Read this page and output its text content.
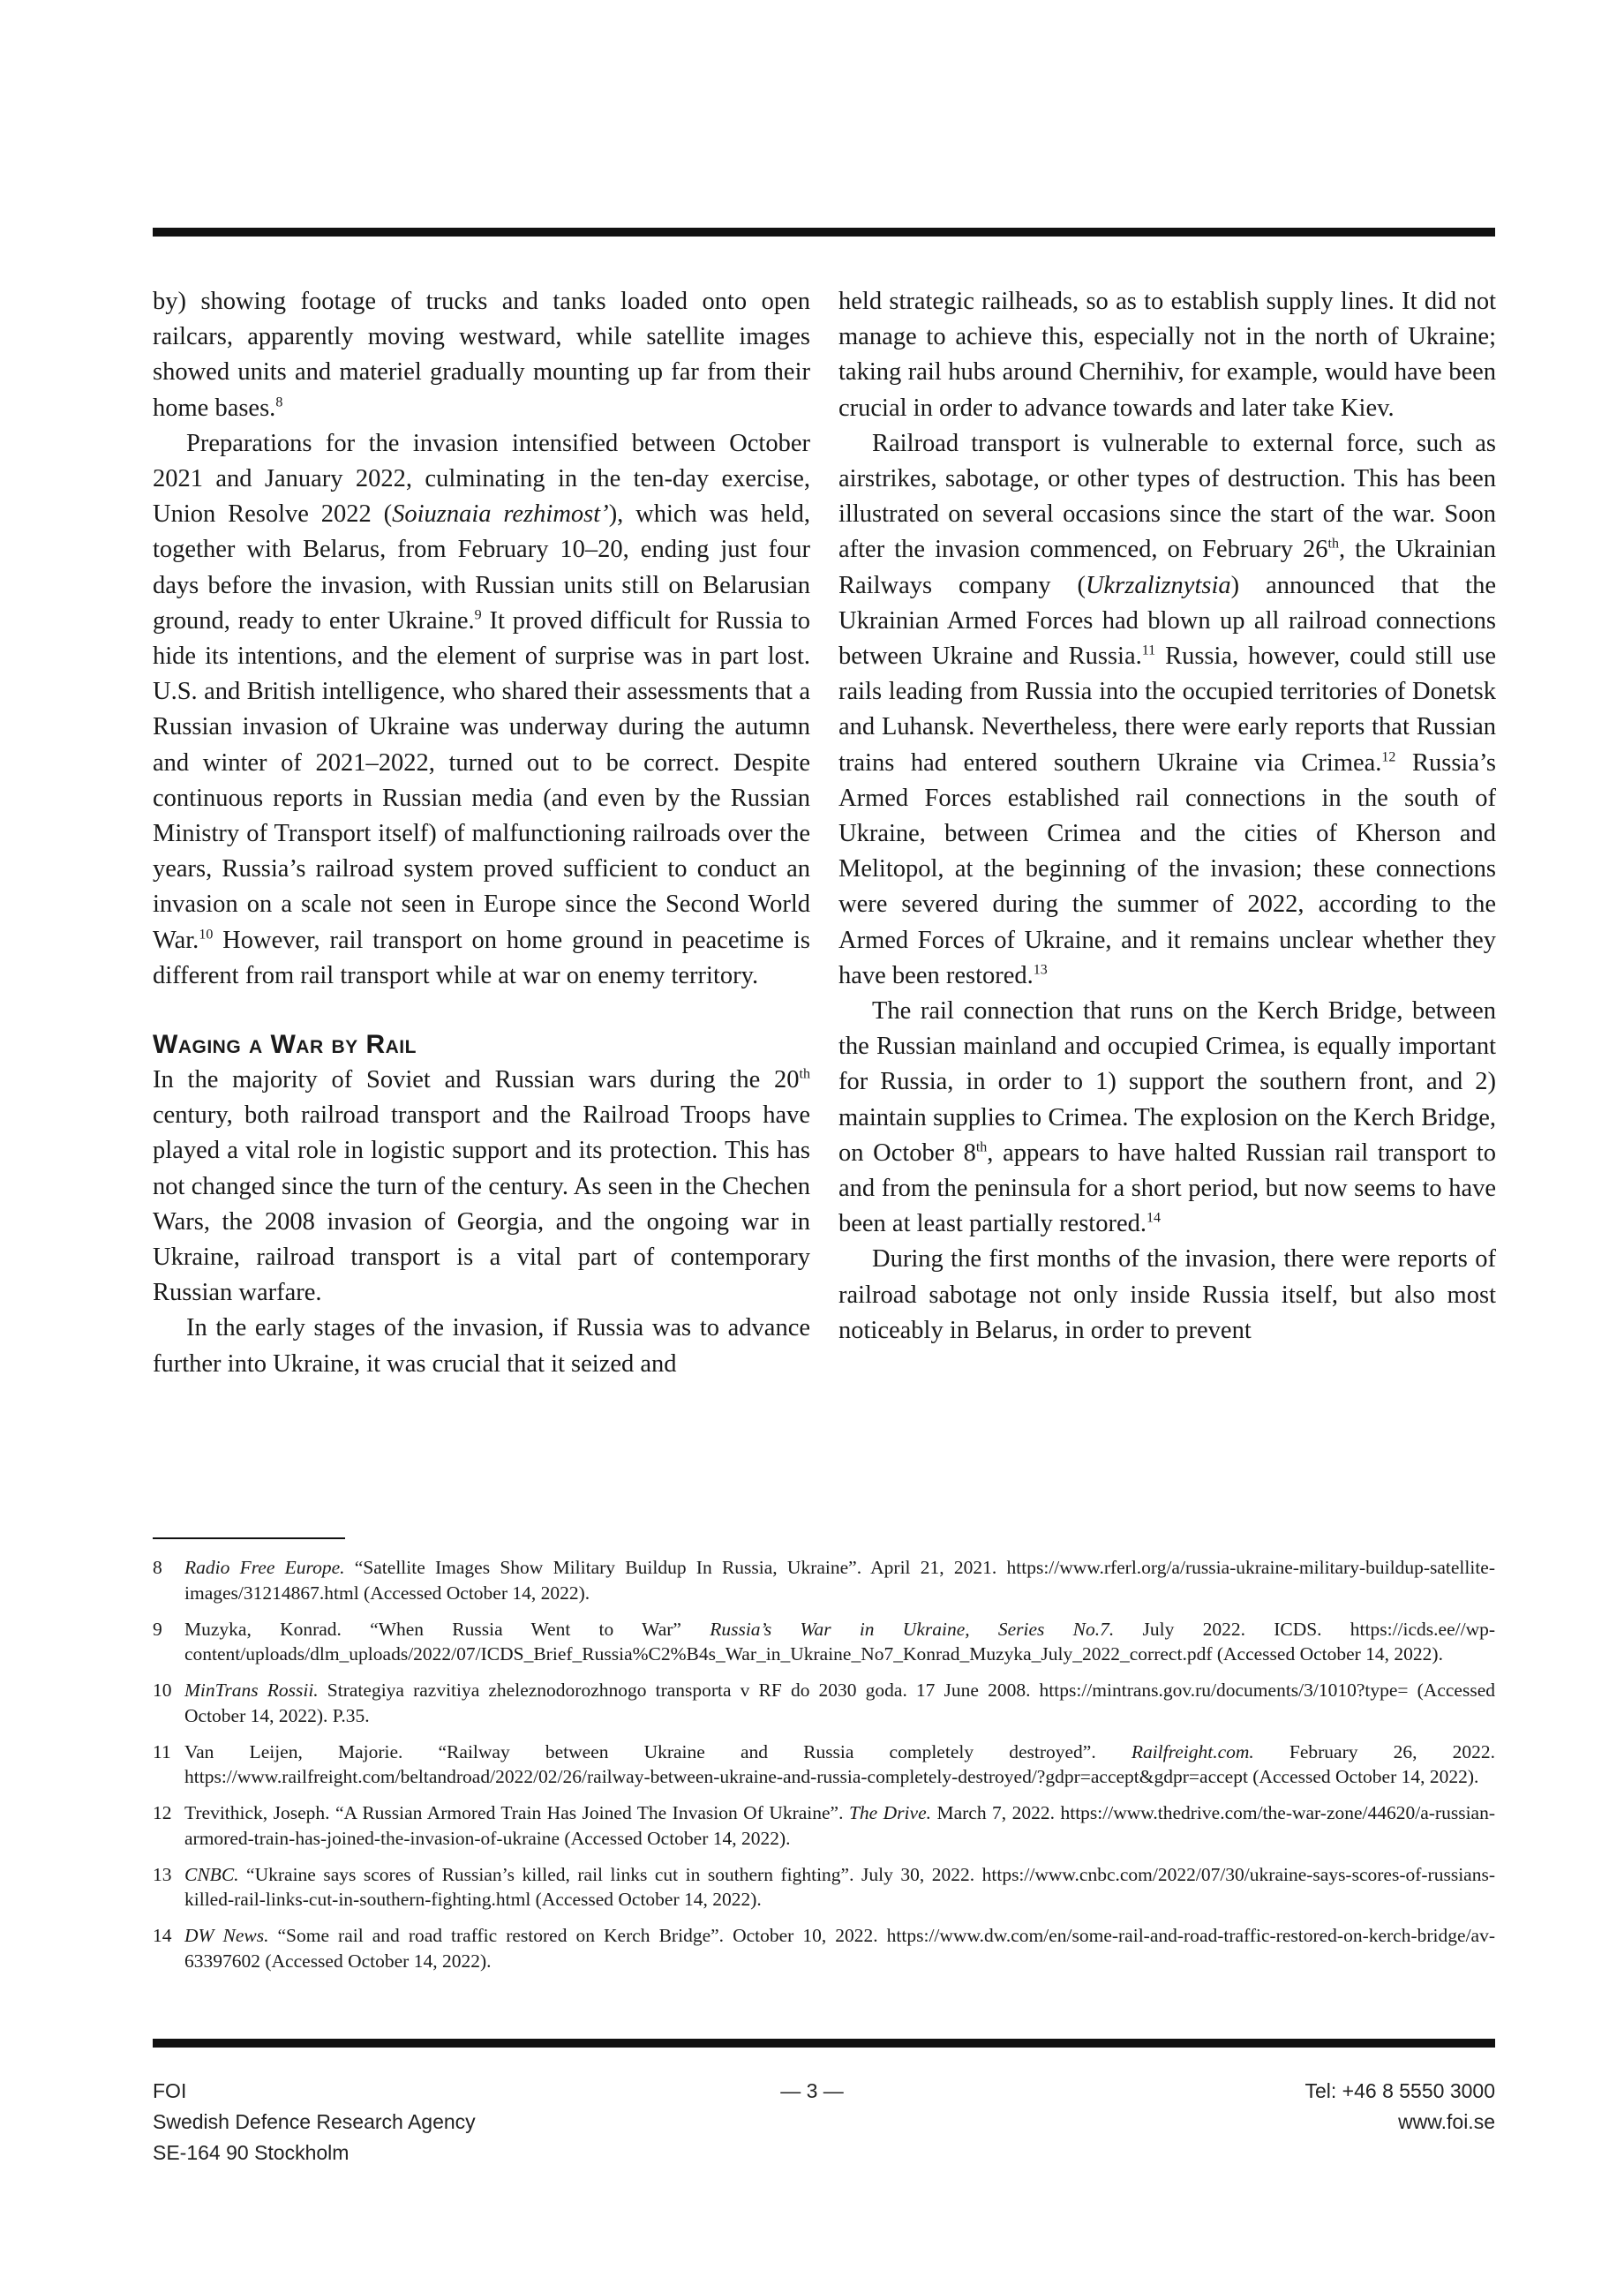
by) showing footage of trucks and tanks loaded onto open railcars, apparently moving westward, while satellite images showed units and materiel gradually mounting up far from their home bases.$^8$

Preparations for the invasion intensified between October 2021 and January 2022, culminating in the ten-day exercise, Union Resolve 2022 (Soiuznaia rezhimost’), which was held, together with Belarus, from February 10–20, ending just four days before the invasion, with Russian units still on Belarusian ground, ready to enter Ukraine.$^9$ It proved difficult for Russia to hide its intentions, and the element of surprise was in part lost. U.S. and British intelligence, who shared their assessments that a Russian invasion of Ukraine was underway during the autumn and winter of 2021–2022, turned out to be correct. Despite continuous reports in Russian media (and even by the Russian Ministry of Transport itself) of malfunctioning railroads over the years, Russia’s railroad system proved sufficient to conduct an invasion on a scale not seen in Europe since the Second World War.$^{10}$ However, rail transport on home ground in peacetime is different from rail transport while at war on enemy territory.

Waging a War by Rail

In the majority of Soviet and Russian wars during the 20th century, both railroad transport and the Railroad Troops have played a vital role in logistic support and its protection. This has not changed since the turn of the century. As seen in the Chechen Wars, the 2008 invasion of Georgia, and the ongoing war in Ukraine, railroad transport is a vital part of contemporary Russian warfare.

In the early stages of the invasion, if Russia was to advance further into Ukraine, it was crucial that it seized and

held strategic railheads, so as to establish supply lines. It did not manage to achieve this, especially not in the north of Ukraine; taking rail hubs around Chernihiv, for example, would have been crucial in order to advance towards and later take Kiev.

Railroad transport is vulnerable to external force, such as airstrikes, sabotage, or other types of destruction. This has been illustrated on several occasions since the start of the war. Soon after the invasion commenced, on February 26th, the Ukrainian Railways company (Ukrzaliznytsia) announced that the Ukrainian Armed Forces had blown up all railroad connections between Ukraine and Russia.$^{11}$ Russia, however, could still use rails leading from Russia into the occupied territories of Donetsk and Luhansk. Nevertheless, there were early reports that Russian trains had entered southern Ukraine via Crimea.$^{12}$ Russia’s Armed Forces established rail connections in the south of Ukraine, between Crimea and the cities of Kherson and Melitopol, at the beginning of the invasion; these connections were severed during the summer of 2022, according to the Armed Forces of Ukraine, and it remains unclear whether they have been restored.$^{13}$

The rail connection that runs on the Kerch Bridge, between the Russian mainland and occupied Crimea, is equally important for Russia, in order to 1) support the southern front, and 2) maintain supplies to Crimea. The explosion on the Kerch Bridge, on October 8th, appears to have halted Russian rail transport to and from the peninsula for a short period, but now seems to have been at least partially restored.$^{14}$

During the first months of the invasion, there were reports of railroad sabotage not only inside Russia itself, but also most noticeably in Belarus, in order to prevent

8	Radio Free Europe. “Satellite Images Show Military Buildup In Russia, Ukraine”. April 21, 2021. https://www.rferl.org/a/russia-ukraine-military-buildup-satellite-images/31214867.html (Accessed October 14, 2022).
9	Muzyka, Konrad. “When Russia Went to War” Russia’s War in Ukraine, Series No.7. July 2022. ICDS. https://icds.ee//wp-content/uploads/dlm_uploads/2022/07/ICDS_Brief_Russia%C2%B4s_War_in_Ukraine_No7_Konrad_Muzyka_July_2022_correct.pdf (Accessed October 14, 2022).
10 MinTrans Rossii. Strategiya razvitiya zheleznodorozhnogo transporta v RF do 2030 goda. 17 June 2008. https://mintrans.gov.ru/documents/3/1010?type= (Accessed October 14, 2022). P.35.
11 Van Leijen, Majorie. “Railway between Ukraine and Russia completely destroyed”. Railfreight.com. February 26, 2022. https://www.railfreight.com/beltandroad/2022/02/26/railway-between-ukraine-and-russia-completely-destroyed/?gdpr=accept&gdpr=accept (Accessed October 14, 2022).
12 Trevithick, Joseph. “A Russian Armored Train Has Joined The Invasion Of Ukraine”. The Drive. March 7, 2022. https://www.thedrive.com/the-war-zone/44620/a-russian-armored-train-has-joined-the-invasion-of-ukraine (Accessed October 14, 2022).
13 CNBC. “Ukraine says scores of Russian’s killed, rail links cut in southern fighting”. July 30, 2022. https://www.cnbc.com/2022/07/30/ukraine-says-scores-of-russians-killed-rail-links-cut-in-southern-fighting.html (Accessed October 14, 2022).
14 DW News. “Some rail and road traffic restored on Kerch Bridge”. October 10, 2022. https://www.dw.com/en/some-rail-and-road-traffic-restored-on-kerch-bridge/av-63397602 (Accessed October 14, 2022).
FOI
Swedish Defence Research Agency
SE-164 90 Stockholm
— 3 —	Tel: +46 8 5550 3000
www.foi.se
